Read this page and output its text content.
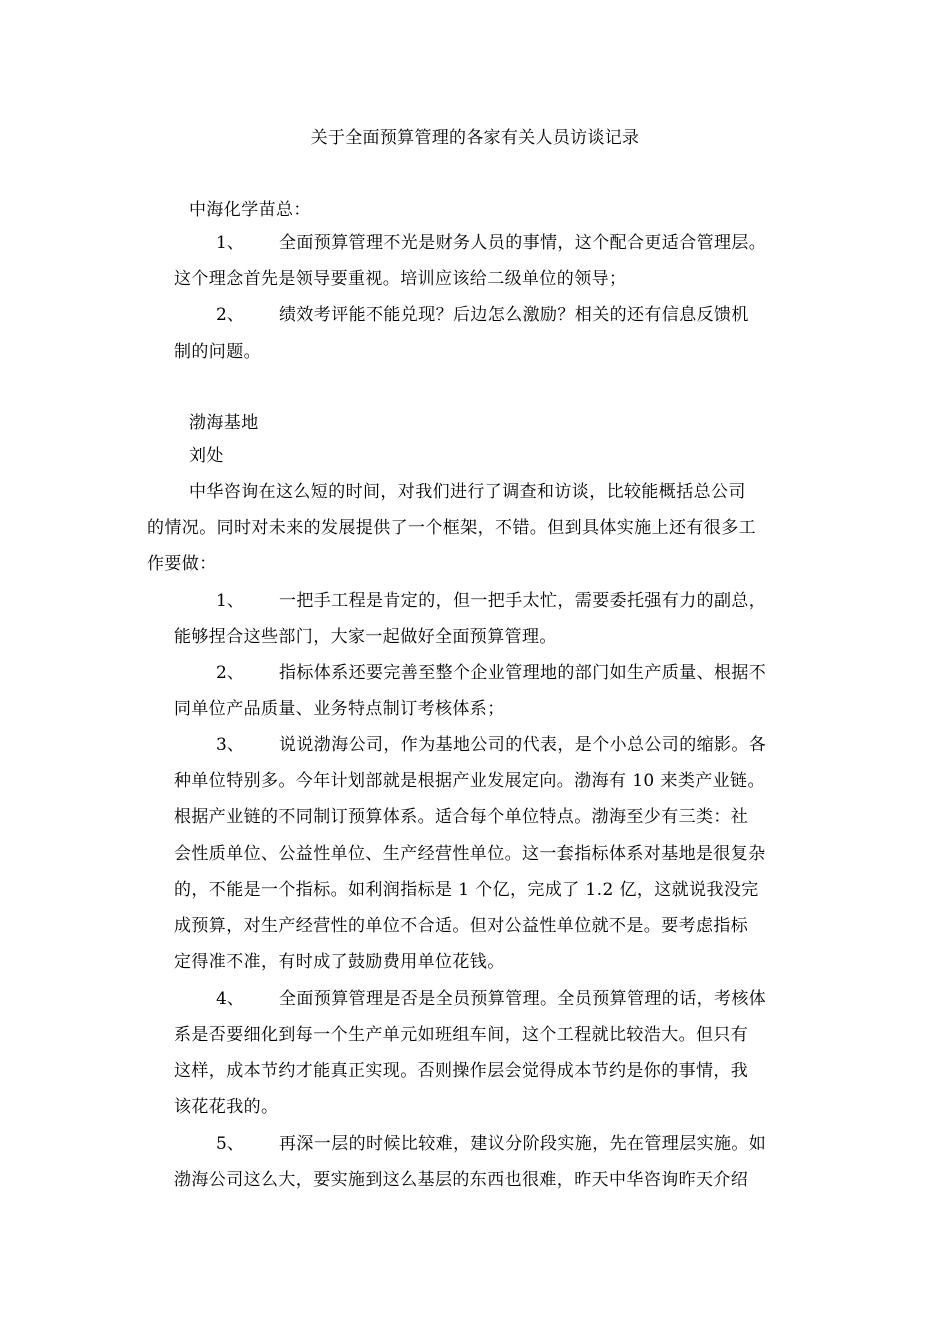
关于全面预算管理的各家有关人员访谈记录
中海化学苗总：
1、 全面预算管理不光是财务人员的事情，这个配合更适合管理层。
这个理念首先是领导要重视。培训应该给二级单位的领导；
2、 绩效考评能不能兑现？后边怎么激励？相关的还有信息反馈机
制的问题。
渤海基地
刘处
中华咨询在这么短的时间，对我们进行了调查和访谈，比较能概括总公司
的情况。同时对未来的发展提供了一个框架，不错。但到具体实施上还有很多工
作要做：
1、 一把手工程是肯定的，但一把手太忙，需要委托强有力的副总，
能够捏合这些部门，大家一起做好全面预算管理。
2、 指标体系还要完善至整个企业管理地的部门如生产质量、根据不
同单位产品质量、业务特点制订考核体系；
3、 说说渤海公司，作为基地公司的代表，是个小总公司的缩影。各
种单位特别多。今年计划部就是根据产业发展定向。渤海有 10 来类产业链。
根据产业链的不同制订预算体系。适合每个单位特点。渤海至少有三类：社
会性质单位、公益性单位、生产经营性单位。这一套指标体系对基地是很复杂
的，不能是一个指标。如利润指标是 1 个亿，完成了 1.2 亿，这就说我没完
成预算，对生产经营性的单位不合适。但对公益性单位就不是。要考虑指标
定得准不准，有时成了鼓励费用单位花钱。
4、 全面预算管理是否是全员预算管理。全员预算管理的话，考核体
系是否要细化到每一个生产单元如班组车间，这个工程就比较浩大。但只有
这样，成本节约才能真正实现。否则操作层会觉得成本节约是你的事情，我
该花花我的。
5、 再深一层的时候比较难，建议分阶段实施，先在管理层实施。如
渤海公司这么大，要实施到这么基层的东西也很难，昨天中华咨询昨天介绍
